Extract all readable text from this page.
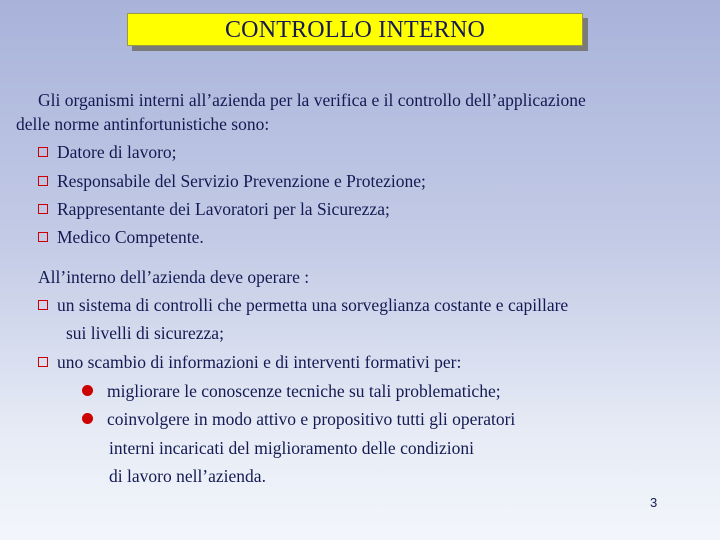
CONTROLLO INTERNO
Gli organismi interni all’azienda per la verifica e il controllo dell’applicazione
delle norme antinfortunistiche sono:
Datore di lavoro;
Responsabile del Servizio Prevenzione e Protezione;
Rappresentante dei Lavoratori per la Sicurezza;
Medico Competente.
All’interno dell’azienda deve operare :
un sistema di controlli che permetta una sorveglianza costante e capillare
sui livelli di sicurezza;
uno scambio di informazioni e di interventi formativi per:
migliorare le conoscenze tecniche su tali problematiche;
coinvolgere in modo attivo e propositivo tutti gli operatori
interni incaricati del miglioramento delle condizioni
di lavoro nell’azienda.
3
